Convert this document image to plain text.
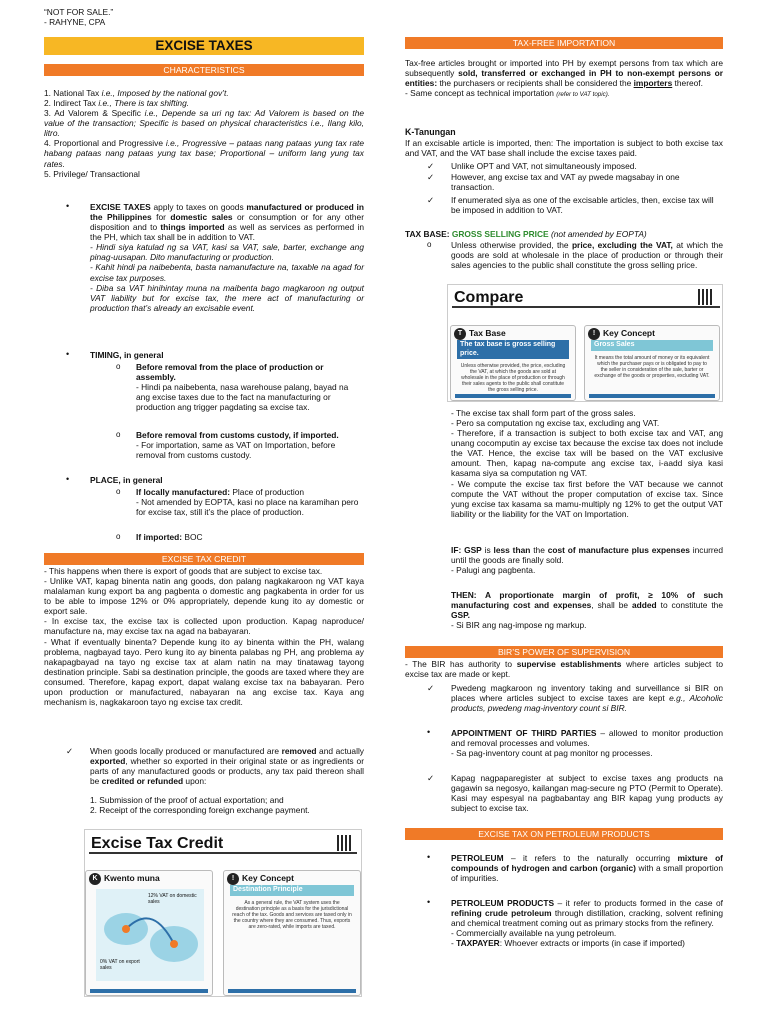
“NOT FOR SALE.”
- RAHYNE, CPA
EXCISE TAXES
CHARACTERISTICS
1. National Tax i.e., Imposed by the national gov’t.
2. Indirect Tax i.e., There is tax shifting.
3. Ad Valorem & Specific i.e., Depende sa uri ng tax: Ad Valorem is based on the value of the transaction; Specific is based on physical characteristics i.e., Ilang kilo, litro.
4. Proportional and Progressive i.e., Progressive – pataas nang pataas yung tax rate habang pataas nang pataas yung tax base; Proportional – uniform lang yung tax rates.
5. Privilege/ Transactional
• EXCISE TAXES apply to taxes on goods manufactured or produced in the Philippines for domestic sales or consumption or for any other disposition and to things imported as well as services as performed in the PH, which tax shall be in addition to VAT.
- Hindi siya katulad ng sa VAT, kasi sa VAT, sale, barter, exchange ang pinag-uusapan. Dito manufacturing or production.
- Kahit hindi pa naibebenta, basta namanufacture na, taxable na agad for excise tax purposes.
- Diba sa VAT hinihintay muna na maibenta bago magkaroon ng output VAT liability but for excise tax, the mere act of manufacturing or production that’s already an excisable event.
• TIMING, in general
o Before removal from the place of production or assembly.
- Hindi pa naibebenta, nasa warehouse palang, bayad na ang excise taxes due to the fact na manufacturing or production ang trigger pagdating sa excise tax.
o Before removal from customs custody, if imported.
- For importation, same as VAT on Importation, before removal from customs custody.
• PLACE, in general
o If locally manufactured: Place of production
- Not amended by EOPTA, kasi no place na karamihan pero for excise tax, still it’s the place of production.
o If imported: BOC
EXCISE TAX CREDIT
- This happens when there is export of goods that are subject to excise tax.
- Unlike VAT, kapag binenta natin ang goods, don palang nagkakaroon ng VAT kaya malalaman kung export ba ang pagbenta o domestic ang pagkabenta in order for us to be able to impose 12% or 0% appropriately, depende kung ito ay domestic or export sale.
- In excise tax, the excise tax is collected upon production. Kapag naproduce/ manufacture na, may excise tax na agad na babayaran.
- What if eventually binenta? Depende kung ito ay binenta within the PH, walang problema, nagbayad tayo. Pero kung ito ay binenta palabas ng PH, ang problema ay nakapagbayad na tayo ng excise tax at alam natin na may tinatawag tayong destination principle. Sabi sa destination principle, the goods are taxed where they are consumed. Therefore, kapag export, dapat walang excise tax na babayaran. Pero upon production or manufactured, nabayaran na ang excise tax. Kaya ang mechanism is, nagkakaroon tayo ng excise tax credit.
✓ When goods locally produced or manufactured are removed and actually exported, whether so exported in their original state or as ingredients or parts of any manufactured goods or products, any tax paid thereon shall be credited or refunded upon:
1. Submission of the proof of actual exportation; and
2. Receipt of the corresponding foreign exchange payment.
Excise Tax Credit
K Kwento muna
12% VAT on domestic sales
0% VAT on export sales
! Key Concept
Destination Principle
As a general rule, the VAT system uses the destination principle as a basis for the jurisdictional reach of the tax. Goods and services are taxed only in the country where they are consumed. Thus, exports are zero-rated, while imports are taxed.
TAX-FREE IMPORTATION
Tax-free articles brought or imported into PH by exempt persons from tax which are subsequently sold, transferred or exchanged in PH to non-exempt persons or entities: the purchasers or recipients shall be considered the importers thereof.
- Same concept as technical importation (refer to VAT topic).
K-Tanungan
If an excisable article is imported, then: The importation is subject to both excise tax and VAT, and the VAT base shall include the excise taxes paid.
✓ Unlike OPT and VAT, not simultaneously imposed.
✓ However, ang excise tax and VAT ay pwede magsabay in one transaction.
✓ If enumerated siya as one of the excisable articles, then, excise tax will be imposed in addition to VAT.
TAX BASE: GROSS SELLING PRICE (not amended by EOPTA)
o Unless otherwise provided, the price, excluding the VAT, at which the goods are sold at wholesale in the place of production or through their sales agencies to the public shall constitute the gross selling price.
Compare
T Tax Base
The tax base is gross selling price.
Unless otherwise provided, the price, excluding the VAT, at which the goods are sold at wholesale in the place of production or through their sales agents to the public shall constitute the gross selling price.
! Key Concept
Gross Sales
It means the total amount of money or its equivalent which the purchaser pays or is obligated to pay to the seller in consideration of the sale, barter or exchange of the goods or properties, excluding VAT.
- The excise tax shall form part of the gross sales.
- Pero sa computation ng excise tax, excluding ang VAT.
- Therefore, if a transaction is subject to both excise tax and VAT, ang unang cocomputin ay excise tax because the excise tax does not include the VAT. Hence, the excise tax will be based on the VAT exclusive amount. Then, kapag na-compute ang excise tax, i-aadd siya kasi kasama siya sa computation ng VAT.
- We compute the excise tax first before the VAT because we cannot compute the VAT without the proper computation of excise tax. Since yung excise tax kasama sa mamu-multiply ng 12% to get the output VAT liability or the liability for the VAT on Importation.
IF: GSP is less than the cost of manufacture plus expenses incurred until the goods are finally sold.
- Palugi ang pagbenta.
THEN: A proportionate margin of profit, ≥ 10% of such manufacturing cost and expenses, shall be added to constitute the GSP.
- Si BIR ang nag-impose ng markup.
BIR’S POWER OF SUPERVISION
- The BIR has authority to supervise establishments where articles subject to excise tax are made or kept.
✓ Pwedeng magkaroon ng inventory taking and surveillance si BIR on places where articles subject to excise taxes are kept e.g., Alcoholic products, pwedeng mag-inventory count si BIR.
• APPOINTMENT OF THIRD PARTIES – allowed to monitor production and removal processes and volumes.
- Sa pag-inventory count at pag monitor ng processes.
✓ Kapag nagpaparegister at subject to excise taxes ang products na gagawin sa negosyo, kailangan mag-secure ng PTO (Permit to Operate). Kasi may espesyal na pagbabantay ang BIR kapag yung products ay subject to excise tax.
EXCISE TAX ON PETROLEUM PRODUCTS
• PETROLEUM – it refers to the naturally occurring mixture of compounds of hydrogen and carbon (organic) with a small proportion of impurities.
• PETROLEUM PRODUCTS – it refer to products formed in the case of refining crude petroleum through distillation, cracking, solvent refining and chemical treatment coming out as primary stocks from the refinery.
- Commercially available na yung petroleum.
- TAXPAYER: Whoever extracts or imports (in case if imported)
